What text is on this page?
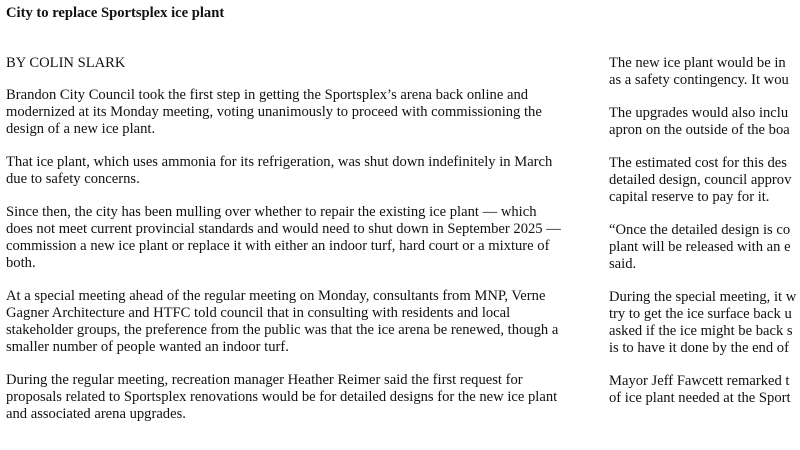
City to replace Sportsplex ice plant

BY COLIN SLARK

Brandon City Council took the first step in getting the Sportsplex’s arena back online and
modernized at its Monday meeting, voting unanimously to proceed with commissioning the
design of a new ice plant.

That ice plant, which uses ammonia for its refrigeration, was shut down indefinitely in March
due to safety concerns.

Since then, the city has been mulling over whether to repair the existing ice plant — which
does not meet current provincial standards and would need to shut down in September 2025 —
commission a new ice plant or replace it with either an indoor turf, hard court or a mixture of
both.

At a special meeting ahead of the regular meeting on Monday, consultants from MNP, Verne
Gagner Architecture and HTFC told council that in consulting with residents and local
stakeholder groups, the preference from the public was that the ice arena be renewed, though a
smaller number of people wanted an indoor turf.

During the regular meeting, recreation manager Heather Reimer said the first request for
proposals related to Sportsplex renovations would be for detailed designs for the new ice plant
and associated arena upgrades.

The new ice plant would be in
as a safety contingency. It wou

The upgrades would also inclu
apron on the outside of the boa

The estimated cost for this des
detailed design, council approv
capital reserve to pay for it.

“Once the detailed design is co
plant will be released with an e
said.

During the special meeting, it w
try to get the ice surface back u
asked if the ice might be back s
is to have it done by the end of

Mayor Jeff Fawcett remarked t
of ice plant needed at the Sport
